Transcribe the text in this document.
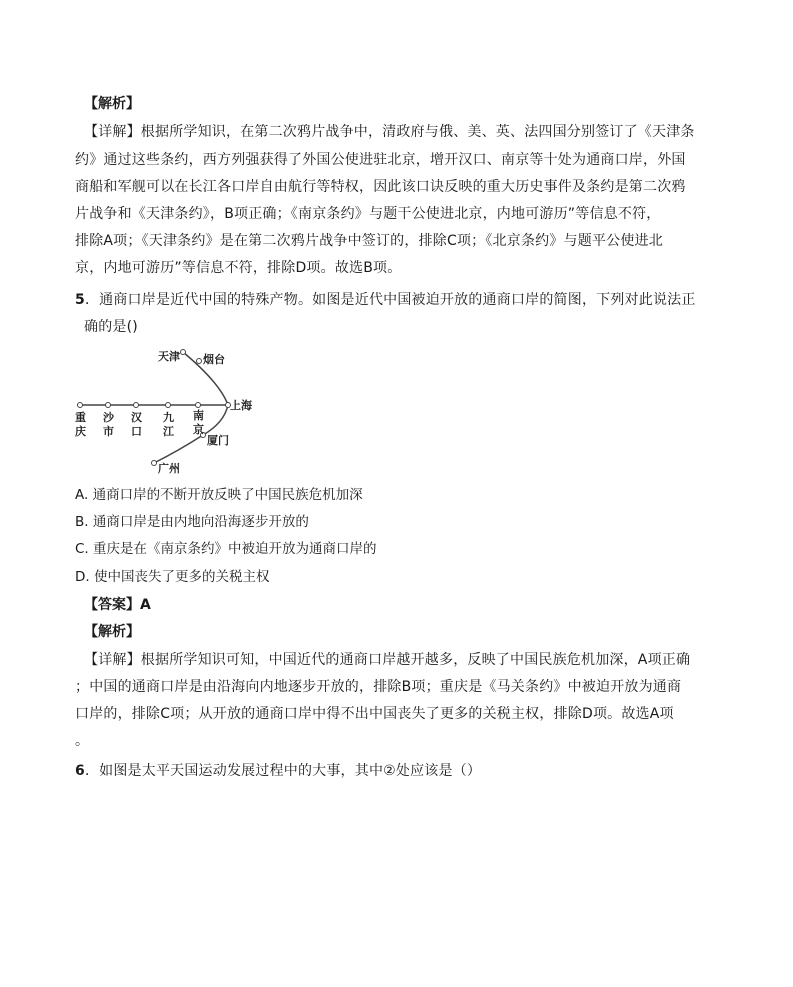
【解析】
【详解】根据所学知识，在第二次鸦片战争中，清政府与俄、美、英、法四国分别签订了《天津条
约》通过这些条约，西方列强获得了外国公使进驻北京，增开汉口、南京等十处为通商口岸，外国
商船和军舰可以在长江各口岸自由航行等特权，因此该口诀反映的重大历史事件及条约是第二次鸦
片战争和《天津条约》，B项正确；《南京条约》与题干公使进北京，内地可游历”等信息不符，
排除A项；《天津条约》是在第二次鸦片战争中签订的，排除C项；《北京条约》与题平公使进北
京，内地可游历”等信息不符，排除D项。故选B项。
5．通商口岸是近代中国的特殊产物。如图是近代中国被迫开放的通商口岸的简图，下列对此说法正
确的是()
天津 烟台
上海
厦门
广州
重
庆
沙
市
汉
口
九
江
南
京
A. 通商口岸的不断开放反映了中国民族危机加深
B. 通商口岸是由内地向沿海逐步开放的
C. 重庆是在《南京条约》中被迫开放为通商口岸的
D. 使中国丧失了更多的关税主权
【答案】A
【解析】
【详解】根据所学知识可知，中国近代的通商口岸越开越多，反映了中国民族危机加深，A项正确
；中国的通商口岸是由沿海向内地逐步开放的，排除B项；重庆是《马关条约》中被迫开放为通商
口岸的，排除C项；从开放的通商口岸中得不出中国丧失了更多的关税主权，排除D项。故选A项
。
6．如图是太平天国运动发展过程中的大事，其中②处应该是（）
